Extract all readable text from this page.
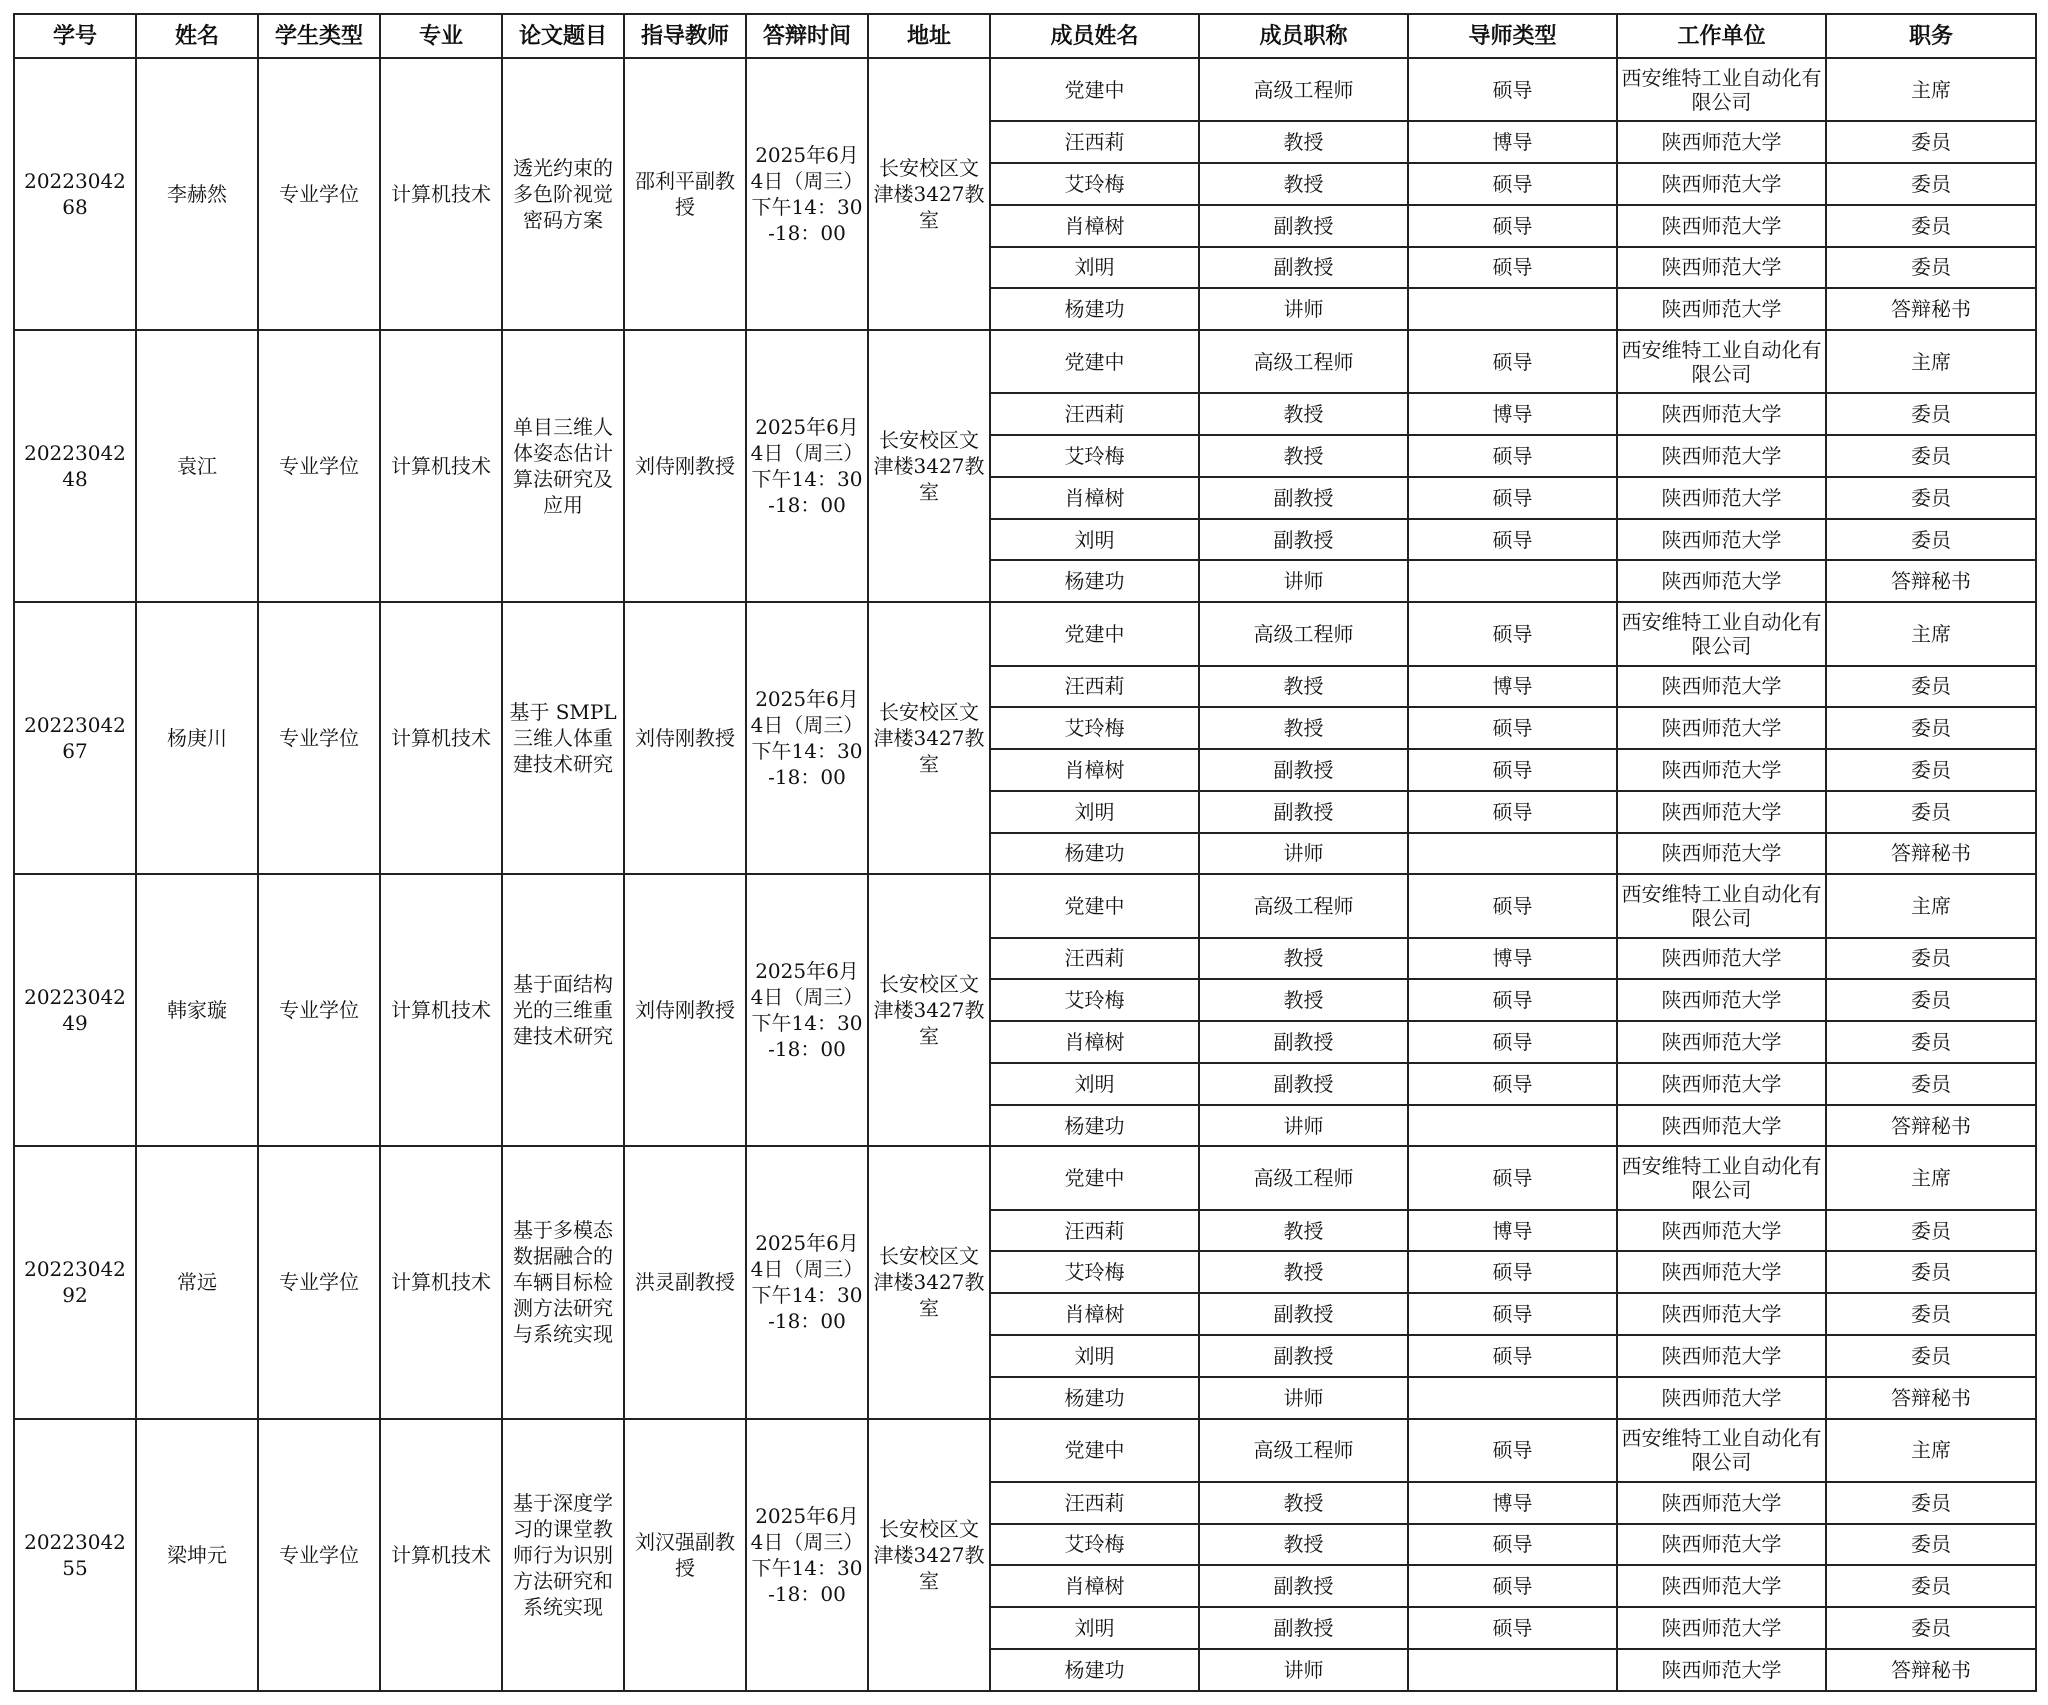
学号	姓名	学生类型	专业	论文题目	指导教师	答辩时间	地址	成员姓名	成员职称	导师类型	工作单位	职务
2022304268	李赫然	专业学位	计算机技术	透光约束的多色阶视觉密码方案	邵利平副教授	2025年6月4日（周三）下午14：30-18：00	长安校区文津楼3427教室	党建中	高级工程师	硕导	西安维特工业自动化有限公司	主席
								汪西莉	教授	博导	陕西师范大学	委员
								艾玲梅	教授	硕导	陕西师范大学	委员
								肖樟树	副教授	硕导	陕西师范大学	委员
								刘明	副教授	硕导	陕西师范大学	委员
								杨建功	讲师		陕西师范大学	答辩秘书
2022304248	袁江	专业学位	计算机技术	单目三维人体姿态估计算法研究及应用	刘侍刚教授	2025年6月4日（周三）下午14：30-18：00	长安校区文津楼3427教室	党建中	高级工程师	硕导	西安维特工业自动化有限公司	主席
								汪西莉	教授	博导	陕西师范大学	委员
								艾玲梅	教授	硕导	陕西师范大学	委员
								肖樟树	副教授	硕导	陕西师范大学	委员
								刘明	副教授	硕导	陕西师范大学	委员
								杨建功	讲师		陕西师范大学	答辩秘书
2022304267	杨庚川	专业学位	计算机技术	基于 SMPL 三维人体重建技术研究	刘侍刚教授	2025年6月4日（周三）下午14：30-18：00	长安校区文津楼3427教室	党建中	高级工程师	硕导	西安维特工业自动化有限公司	主席
								汪西莉	教授	博导	陕西师范大学	委员
								艾玲梅	教授	硕导	陕西师范大学	委员
								肖樟树	副教授	硕导	陕西师范大学	委员
								刘明	副教授	硕导	陕西师范大学	委员
								杨建功	讲师		陕西师范大学	答辩秘书
2022304249	韩家璇	专业学位	计算机技术	基于面结构光的三维重建技术研究	刘侍刚教授	2025年6月4日（周三）下午14：30-18：00	长安校区文津楼3427教室	党建中	高级工程师	硕导	西安维特工业自动化有限公司	主席
								汪西莉	教授	博导	陕西师范大学	委员
								艾玲梅	教授	硕导	陕西师范大学	委员
								肖樟树	副教授	硕导	陕西师范大学	委员
								刘明	副教授	硕导	陕西师范大学	委员
								杨建功	讲师		陕西师范大学	答辩秘书
2022304292	常远	专业学位	计算机技术	基于多模态数据融合的车辆目标检测方法研究与系统实现	洪灵副教授	2025年6月4日（周三）下午14：30-18：00	长安校区文津楼3427教室	党建中	高级工程师	硕导	西安维特工业自动化有限公司	主席
								汪西莉	教授	博导	陕西师范大学	委员
								艾玲梅	教授	硕导	陕西师范大学	委员
								肖樟树	副教授	硕导	陕西师范大学	委员
								刘明	副教授	硕导	陕西师范大学	委员
								杨建功	讲师		陕西师范大学	答辩秘书
2022304255	梁坤元	专业学位	计算机技术	基于深度学习的课堂教师行为识别方法研究和系统实现	刘汉强副教授	2025年6月4日（周三）下午14：30-18：00	长安校区文津楼3427教室	党建中	高级工程师	硕导	西安维特工业自动化有限公司	主席
								汪西莉	教授	博导	陕西师范大学	委员
								艾玲梅	教授	硕导	陕西师范大学	委员
								肖樟树	副教授	硕导	陕西师范大学	委员
								刘明	副教授	硕导	陕西师范大学	委员
								杨建功	讲师		陕西师范大学	答辩秘书
